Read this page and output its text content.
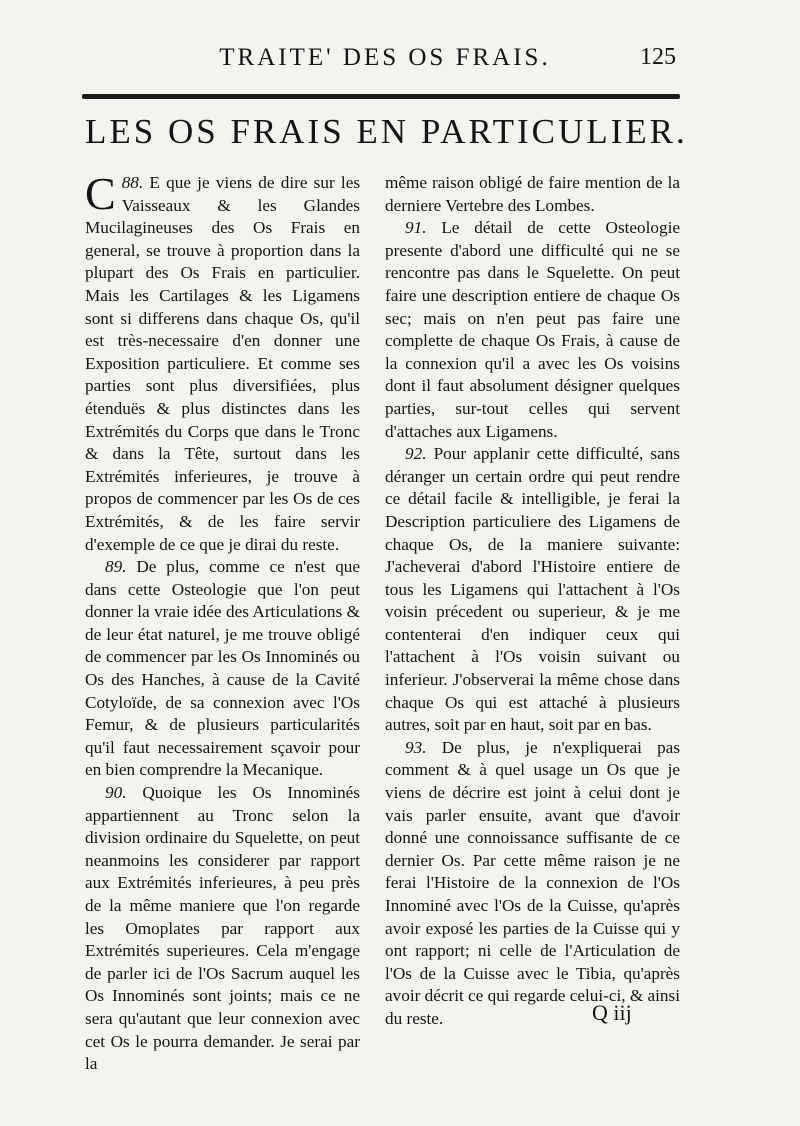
TRAITE' DES OS FRAIS.	125
LES OS FRAIS EN PARTICULIER.

88.
C E que je viens de dire sur les Vaisseaux & les Glandes Mucilagineuses des Os Frais en general, se trouve à proportion dans la plupart des Os Frais en particulier. Mais les Cartilages & les Ligamens sont si differens dans chaque Os, qu'il est très-necessaire d'en donner une Exposition particuliere. Et comme ses parties sont plus diversifiées, plus étenduës & plus distinctes dans les Extrémités du Corps que dans le Tronc & dans la Tête, surtout dans les Extrémités inferieures, je trouve à propos de commencer par les Os de ces Extrémités, & de les faire servir d'exemple de ce que je dirai du reste.

89. De plus, comme ce n'est que dans cette Osteologie que l'on peut donner la vraie idée des Articulations & de leur état naturel, je me trouve obligé de commencer par les Os Innominés ou Os des Hanches, à cause de la Cavité Cotyloïde, de sa connexion avec l'Os Femur, & de plusieurs particularités qu'il faut necessairement sçavoir pour en bien comprendre la Mecanique.

90. Quoique les Os Innominés appartiennent au Tronc selon la division ordinaire du Squelette, on peut neanmoins les considerer par rapport aux Extrémités inferieures, à peu près de la même maniere que l'on regarde les Omoplates par rapport aux Extrémités superieures. Cela m'engage de parler ici de l'Os Sacrum auquel les Os Innominés sont joints; mais ce ne sera qu'autant que leur connexion avec cet Os le pourra demander. Je serai par la

même raison obligé de faire mention de la derniere Vertebre des Lombes.

91. Le détail de cette Osteologie presente d'abord une difficulté qui ne se rencontre pas dans le Squelette. On peut faire une description entiere de chaque Os sec; mais on n'en peut pas faire une complette de chaque Os Frais, à cause de la connexion qu'il a avec les Os voisins dont il faut absolument désigner quelques parties, sur-tout celles qui servent d'attaches aux Ligamens.

92. Pour applanir cette difficulté, sans déranger un certain ordre qui peut rendre ce détail facile & intelligible, je ferai la Description particuliere des Ligamens de chaque Os, de la maniere suivante: J'acheverai d'abord l'Histoire entiere de tous les Ligamens qui l'attachent à l'Os voisin précedent ou superieur, & je me contenterai d'en indiquer ceux qui l'attachent à l'Os voisin suivant ou inferieur. J'observerai la même chose dans chaque Os qui est attaché à plusieurs autres, soit par en haut, soit par en bas.

93. De plus, je n'expliquerai pas comment & à quel usage un Os que je viens de décrire est joint à celui dont je vais parler ensuite, avant que d'avoir donné une connoissance suffisante de ce dernier Os. Par cette même raison je ne ferai l'Histoire de la connexion de l'Os Innominé avec l'Os de la Cuisse, qu'après avoir exposé les parties de la Cuisse qui y ont rapport; ni celle de l'Articulation de l'Os de la Cuisse avec le Tibia, qu'après avoir décrit ce qui regarde celui-ci, & ainsi du reste.	Q iij
